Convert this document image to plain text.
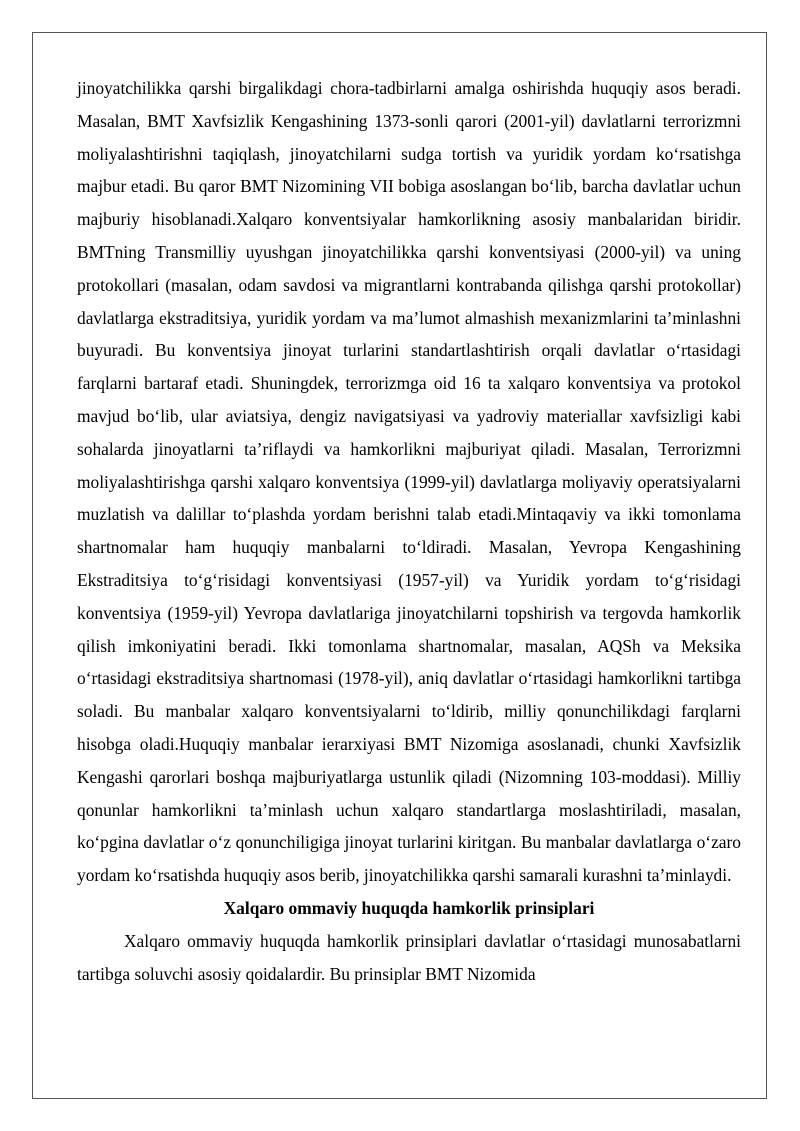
jinoyatchilikka qarshi birgalikdagi chora-tadbirlarni amalga oshirishda huquqiy asos beradi. Masalan, BMT Xavfsizlik Kengashining 1373-sonli qarori (2001-yil) davlatlarni terrorizmni moliyalashtirishni taqiqlash, jinoyatchilarni sudga tortish va yuridik yordam ko‘rsatishga majbur etadi. Bu qaror BMT Nizomining VII bobiga asoslangan bo‘lib, barcha davlatlar uchun majburiy hisoblanadi.Xalqaro konventsiyalar hamkorlikning asosiy manbalaridan biridir. BMTning Transmilliy uyushgan jinoyatchilikka qarshi konventsiyasi (2000-yil) va uning protokollari (masalan, odam savdosi va migrantlarni kontrabanda qilishga qarshi protokollar) davlatlarga ekstraditsiya, yuridik yordam va ma’lumot almashish mexanizmlarini ta’minlashni buyuradi. Bu konventsiya jinoyat turlarini standartlashtirish orqali davlatlar o‘rtasidagi farqlarni bartaraf etadi. Shuningdek, terrorizmga oid 16 ta xalqaro konventsiya va protokol mavjud bo‘lib, ular aviatsiya, dengiz navigatsiyasi va yadroviy materiallar xavfsizligi kabi sohalarda jinoyatlarni ta’riflaydi va hamkorlikni majburiyat qiladi. Masalan, Terrorizmni moliyalashtirishga qarshi xalqaro konventsiya (1999-yil) davlatlarga moliyaviy operatsiyalarni muzlatish va dalillar to‘plashda yordam berishni talab etadi.Mintaqaviy va ikki tomonlama shartnomalar ham huquqiy manbalarni to‘ldiradi. Masalan, Yevropa Kengashining Ekstraditsiya to‘g‘risidagi konventsiyasi (1957-yil) va Yuridik yordam to‘g‘risidagi konventsiya (1959-yil) Yevropa davlatlariga jinoyatchilarni topshirish va tergovda hamkorlik qilish imkoniyatini beradi. Ikki tomonlama shartnomalar, masalan, AQSh va Meksika o‘rtasidagi ekstraditsiya shartnomasi (1978-yil), aniq davlatlar o‘rtasidagi hamkorlikni tartibga soladi. Bu manbalar xalqaro konventsiyalarni to‘ldirib, milliy qonunchilikdagi farqlarni hisobga oladi.Huquqiy manbalar ierarxiyasi BMT Nizomiga asoslanadi, chunki Xavfsizlik Kengashi qarorlari boshqa majburiyatlarga ustunlik qiladi (Nizomning 103-moddasi). Milliy qonunlar hamkorlikni ta’minlash uchun xalqaro standartlarga moslashtiriladi, masalan, ko‘pgina davlatlar o‘z qonunchiligiga jinoyat turlarini kiritgan. Bu manbalar davlatlarga o‘zaro yordam ko‘rsatishda huquqiy asos berib, jinoyatchilikka qarshi samarali kurashni ta’minlaydi.

Xalqaro ommaviy huquqda hamkorlik prinsiplari

Xalqaro ommaviy huquqda hamkorlik prinsiplari davlatlar o‘rtasidagi munosabatlarni tartibga soluvchi asosiy qoidalardir. Bu prinsiplar BMT Nizomida
